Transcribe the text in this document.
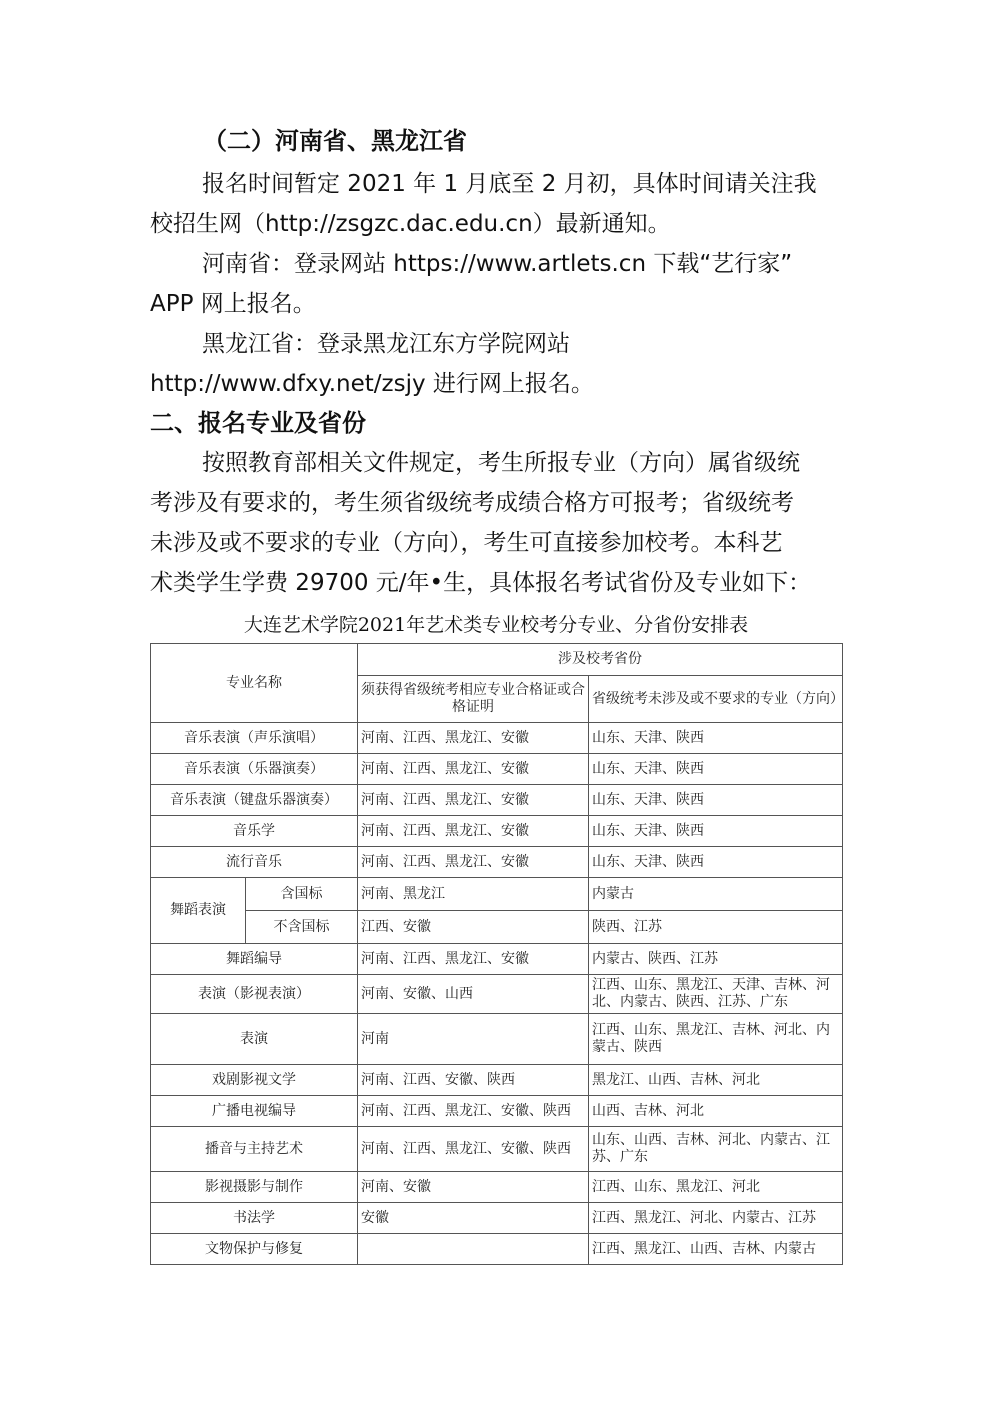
（二）河南省、黑龙江省

报名时间暂定 2021 年 1 月底至 2 月初，具体时间请关注我

校招生网（http://zsgzc.dac.edu.cn）最新通知。

河南省：登录网站 https://www.artlets.cn 下载“艺行家”

APP 网上报名。

黑龙江省：登录黑龙江东方学院网站

http://www.dfxy.net/zsjy 进行网上报名。

二、报名专业及省份

按照教育部相关文件规定，考生所报专业（方向）属省级统

考涉及有要求的，考生须省级统考成绩合格方可报考；省级统考

未涉及或不要求的专业（方向），考生可直接参加校考。本科艺

术类学生学费 29700 元/年•生，具体报名考试省份及专业如下：

大连艺术学院2021年艺术类专业校考分专业、分省份安排表
专业名称		涉及校考省份	
		须获得省级统考相应专业合格证或合格证明	省级统考未涉及或不要求的专业（方向）
音乐表演（声乐演唱）		河南、江西、黑龙江、安徽	山东、天津、陕西
音乐表演（乐器演奏）		河南、江西、黑龙江、安徽	山东、天津、陕西
音乐表演（键盘乐器演奏）		河南、江西、黑龙江、安徽	山东、天津、陕西
音乐学		河南、江西、黑龙江、安徽	山东、天津、陕西
流行音乐		河南、江西、黑龙江、安徽	山东、天津、陕西
舞蹈表演	含国标	河南、黑龙江	内蒙古
	不含国标	江西、安徽	陕西、江苏
舞蹈编导		河南、江西、黑龙江、安徽	内蒙古、陕西、江苏
表演（影视表演）		河南、安徽、山西	江西、山东、黑龙江、天津、吉林、河北、内蒙古、陕西、江苏、广东
表演		河南	江西、山东、黑龙江、吉林、河北、内蒙古、陕西
戏剧影视文学		河南、江西、安徽、陕西	黑龙江、山西、吉林、河北
广播电视编导		河南、江西、黑龙江、安徽、陕西	山西、吉林、河北
播音与主持艺术		河南、江西、黑龙江、安徽、陕西	山东、山西、吉林、河北、内蒙古、江苏、广东
影视摄影与制作		河南、安徽	江西、山东、黑龙江、河北
书法学		安徽	江西、黑龙江、河北、内蒙古、江苏
文物保护与修复			江西、黑龙江、山西、吉林、内蒙古
